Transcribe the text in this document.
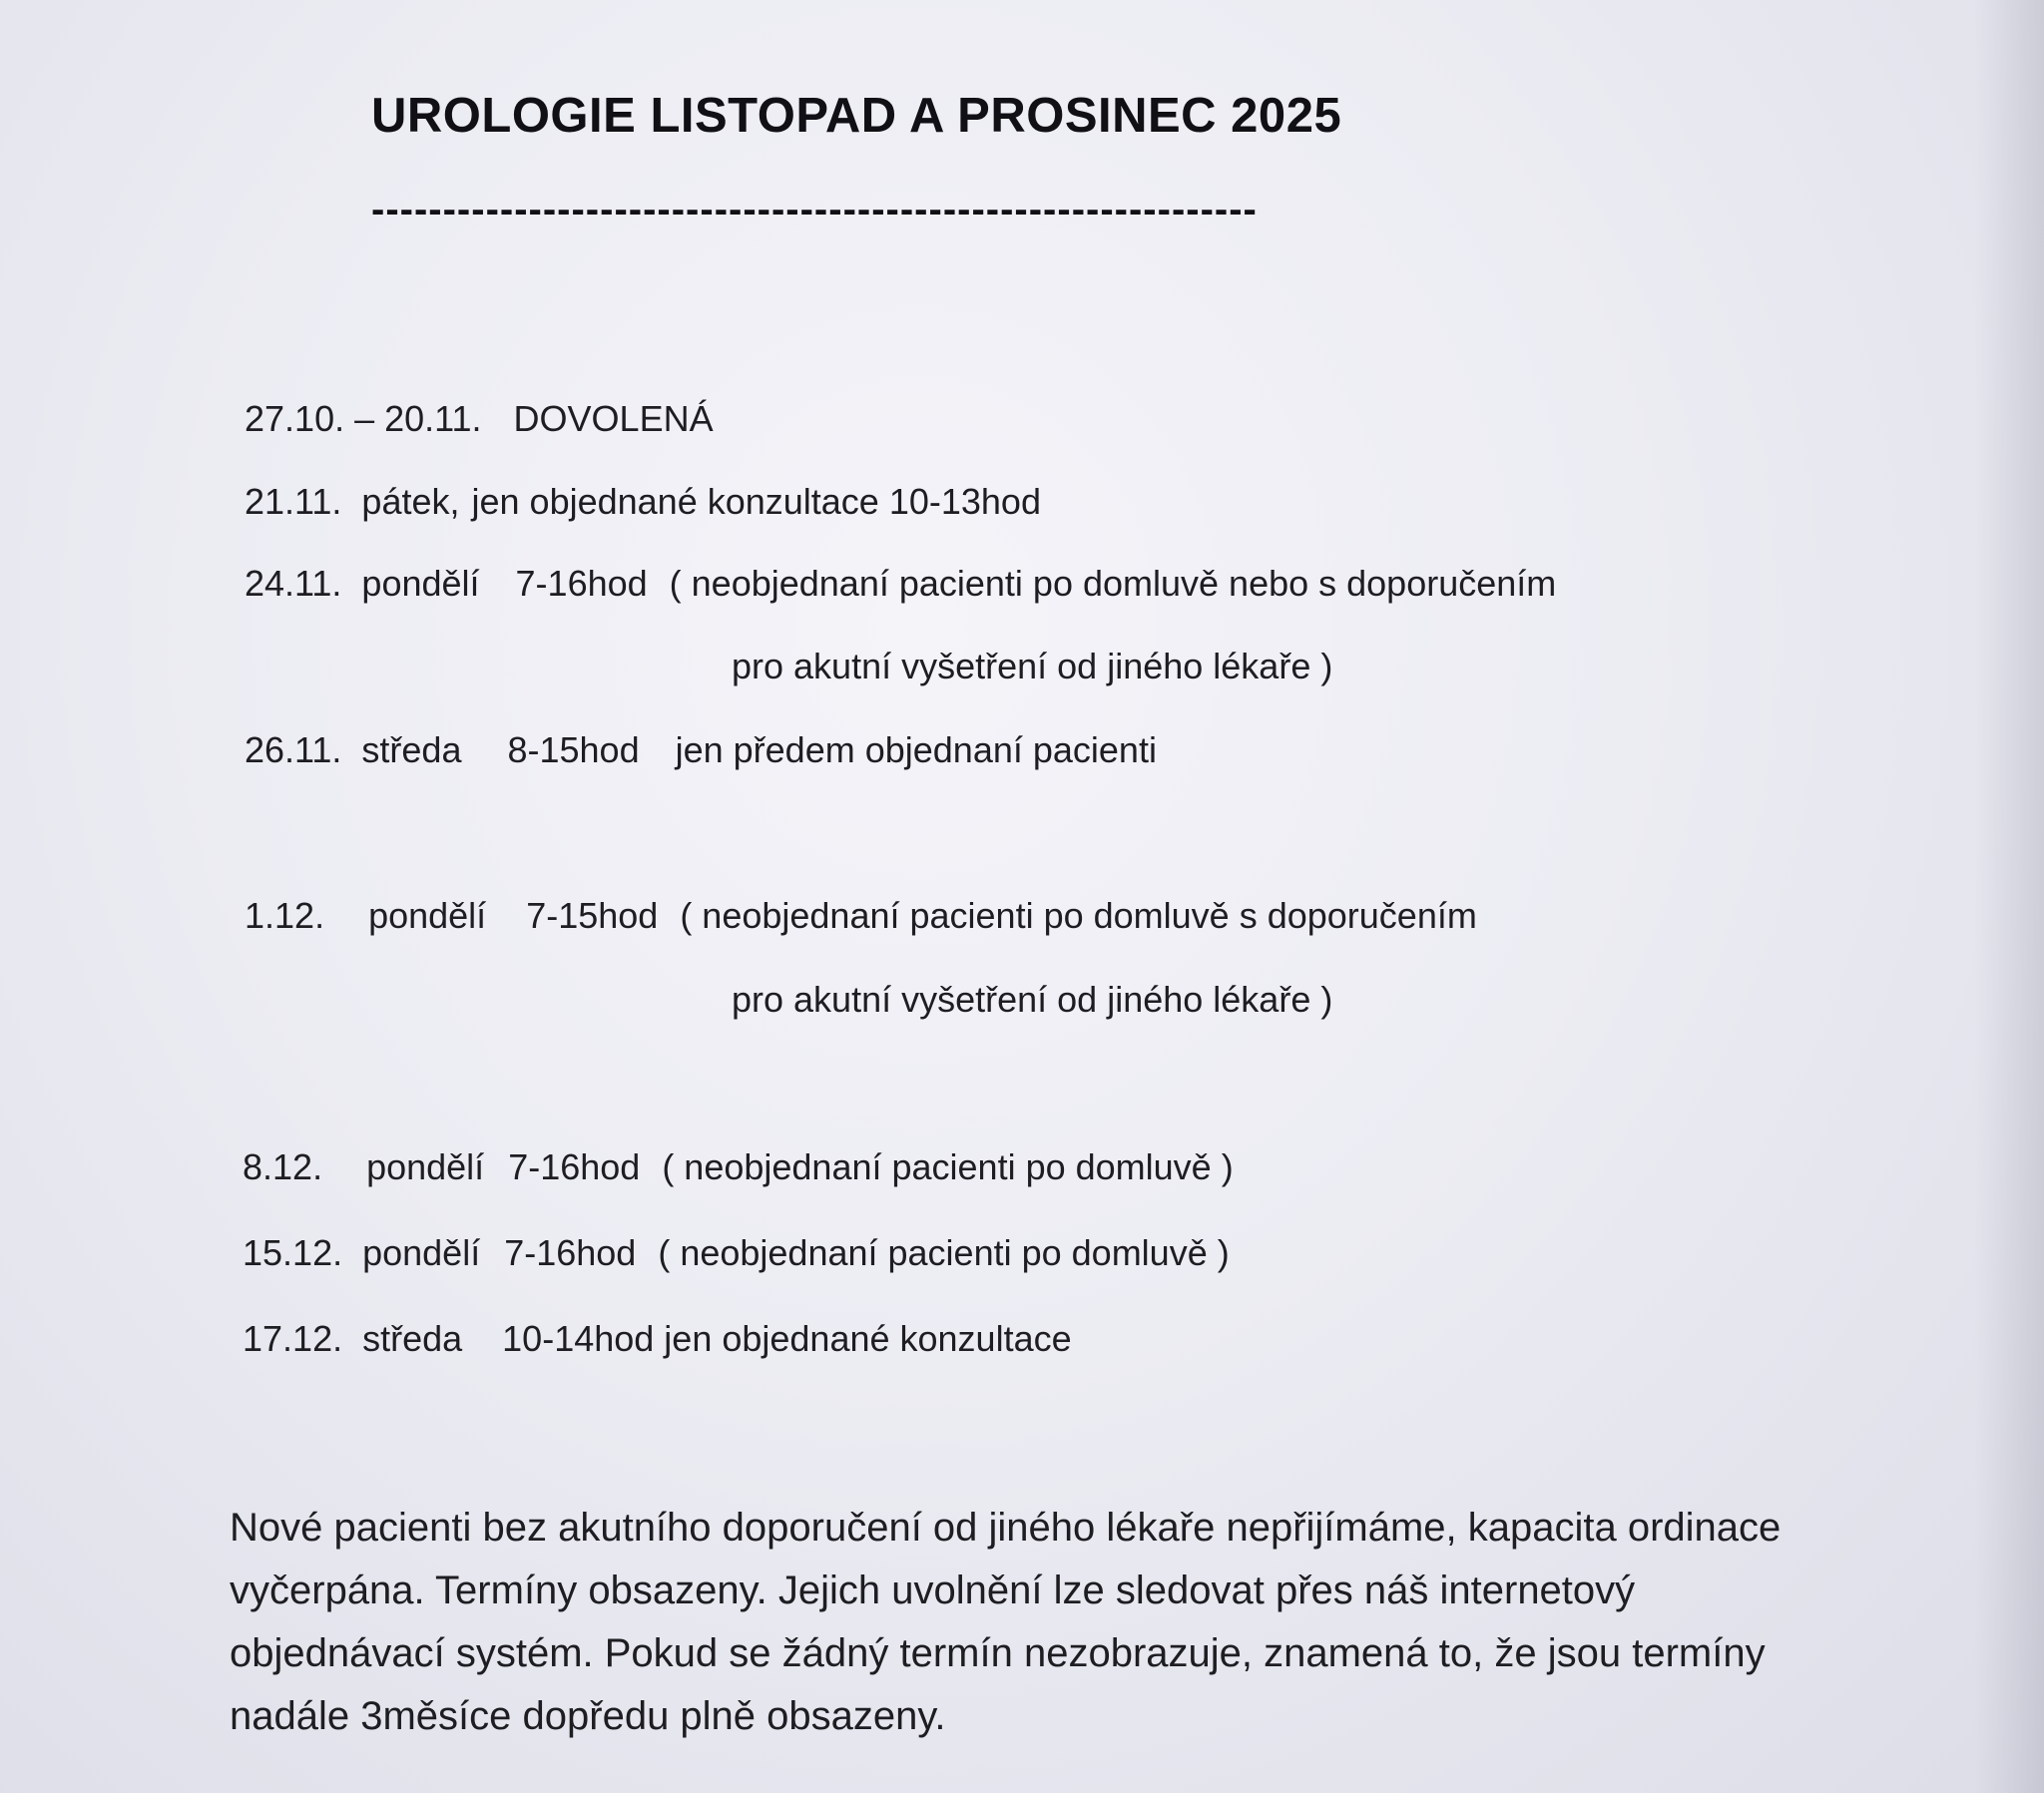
UROLOGIE LISTOPAD A PROSINEC 2025
--------------------------------------------------------------
27.10. – 20.11. DOVOLENÁ
21.11. pátek, jen objednané konzultace 10-13hod
24.11. pondělí 7-16hod ( neobjednaní pacienti po domluvě nebo s doporučením
pro akutní vyšetření od jiného lékaře )
26.11. středa 8-15hod jen předem objednaní pacienti
1.12. pondělí 7-15hod ( neobjednaní pacienti po domluvě s doporučením
pro akutní vyšetření od jiného lékaře )
8.12. pondělí 7-16hod ( neobjednaní pacienti po domluvě )
15.12. pondělí 7-16hod ( neobjednaní pacienti po domluvě )
17.12. středa 10-14hod jen objednané konzultace
Nové pacienti bez akutního doporučení od jiného lékaře nepřijímáme, kapacita ordinace
vyčerpána. Termíny obsazeny. Jejich uvolnění lze sledovat přes náš internetový
objednávací systém. Pokud se žádný termín nezobrazuje, znamená to, že jsou termíny
nadále 3měsíce dopředu plně obsazeny.
